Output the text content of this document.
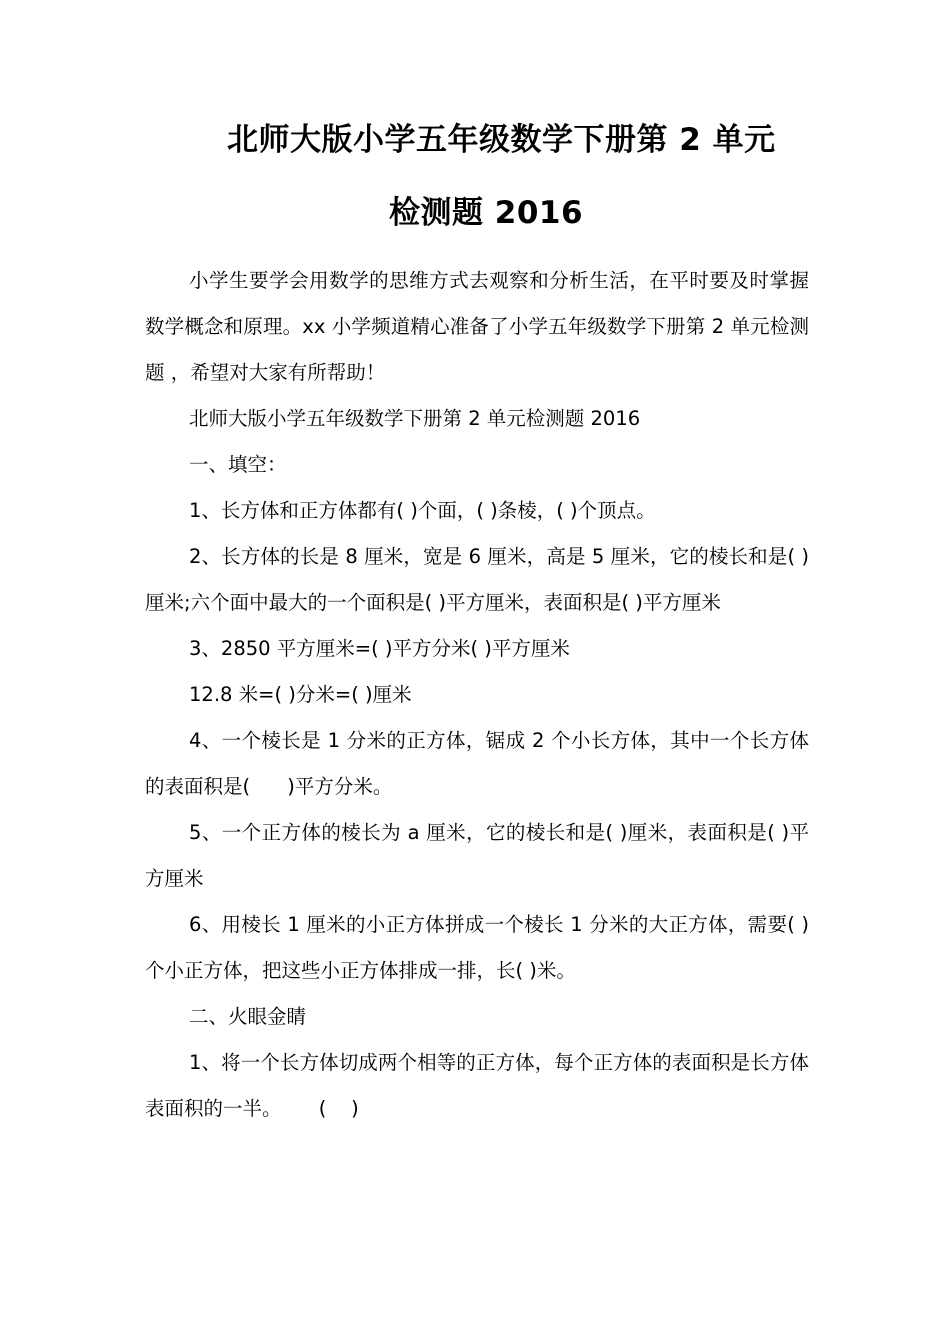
北师大版小学五年级数学下册第 2 单元
检测题 2016

小学生要学会用数学的思维方式去观察和分析生活，在平时要及时掌握数学概念和原理。xx 小学频道精心准备了小学五年级数学下册第 2 单元检测题 ，希望对大家有所帮助！

北师大版小学五年级数学下册第 2 单元检测题 2016

一、填空：

1、长方体和正方体都有( )个面，( )条棱，( )个顶点。

2、长方体的长是 8 厘米，宽是 6 厘米，高是 5 厘米，它的棱长和是( )厘米;六个面中最大的一个面积是( )平方厘米，表面积是( )平方厘米

3、2850 平方厘米=( )平方分米( )平方厘米

12.8 米=( )分米=( )厘米

4、一个棱长是 1 分米的正方体，锯成 2 个小长方体，其中一个长方体的表面积是(      )平方分米。

5、一个正方体的棱长为 a 厘米，它的棱长和是( )厘米，表面积是( )平方厘米

6、用棱长 1 厘米的小正方体拼成一个棱长 1 分米的大正方体，需要( )个小正方体，把这些小正方体排成一排，长( )米。

二、火眼金睛

1、将一个长方体切成两个相等的正方体，每个正方体的表面积是长方体表面积的一半。      (    )
